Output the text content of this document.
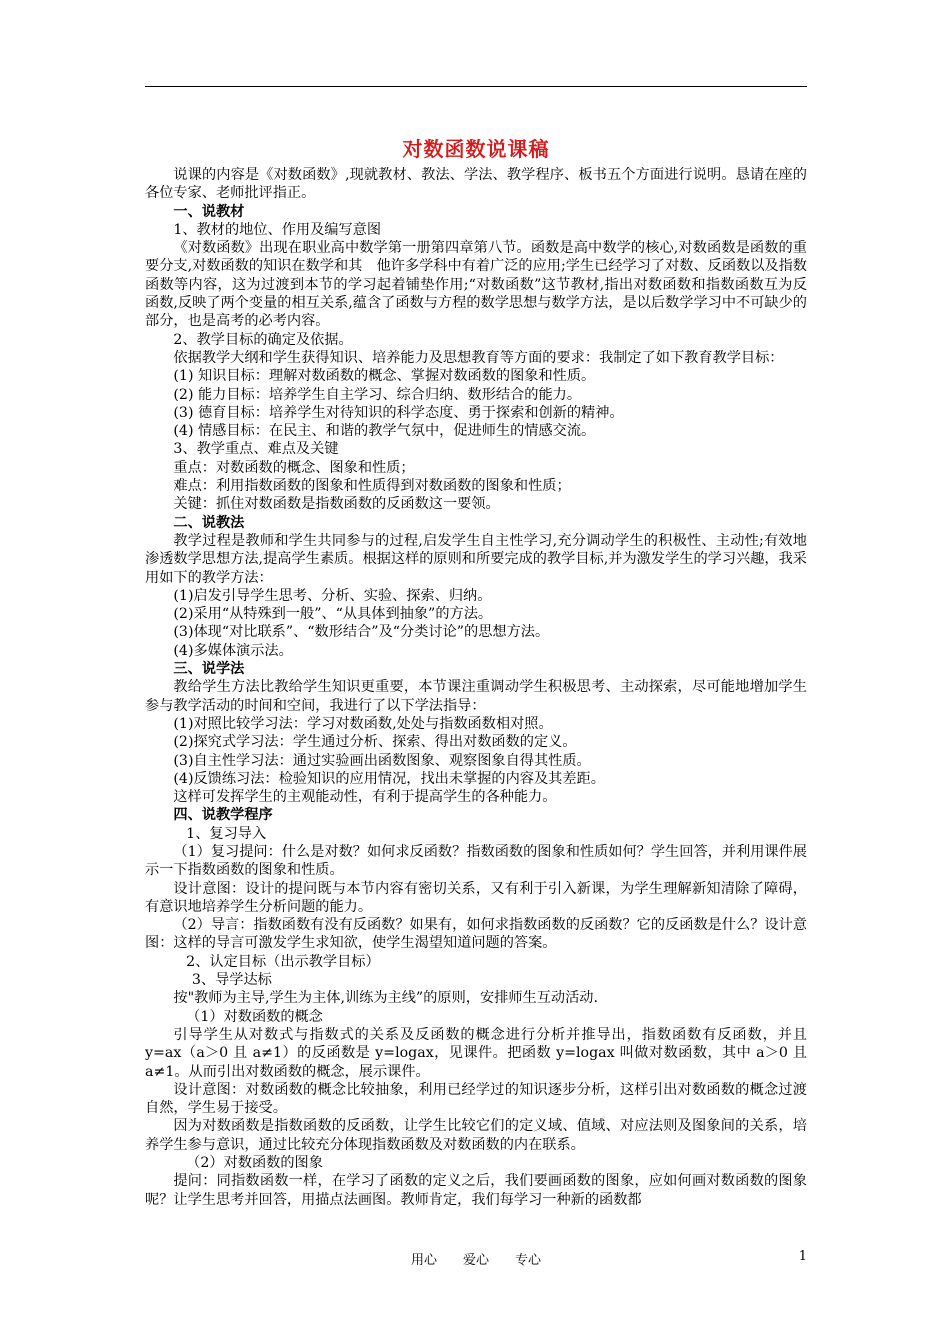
对数函数说课稿

说课的内容是《对数函数》,现就教材、教法、学法、教学程序、板书五个方面进行说明。恳请在座的各位专家、老师批评指正。

一、说教材

1、教材的地位、作用及编写意图

《对数函数》出现在职业高中数学第一册第四章第八节。函数是高中数学的核心,对数函数是函数的重要分支,对数函数的知识在数学和其　他许多学科中有着广泛的应用;学生已经学习了对数、反函数以及指数函数等内容，这为过渡到本节的学习起着铺垫作用;“对数函数”这节教材,指出对数函数和指数函数互为反函数,反映了两个变量的相互关系,蕴含了函数与方程的数学思想与数学方法，是以后数学学习中不可缺少的部分，也是高考的必考内容。

2、教学目标的确定及依据。

依据教学大纲和学生获得知识、培养能力及思想教育等方面的要求：我制定了如下教育教学目标：

(1) 知识目标：理解对数函数的概念、掌握对数函数的图象和性质。

(2) 能力目标：培养学生自主学习、综合归纳、数形结合的能力。

(3) 德育目标：培养学生对待知识的科学态度、勇于探索和创新的精神。

(4) 情感目标：在民主、和谐的教学气氛中，促进师生的情感交流。

3、教学重点、难点及关键

重点：对数函数的概念、图象和性质；

难点：利用指数函数的图象和性质得到对数函数的图象和性质；

关键：抓住对数函数是指数函数的反函数这一要领。

二、说教法

教学过程是教师和学生共同参与的过程,启发学生自主性学习,充分调动学生的积极性、主动性;有效地渗透数学思想方法,提高学生素质。根据这样的原则和所要完成的教学目标,并为激发学生的学习兴趣，我采用如下的教学方法：

(1)启发引导学生思考、分析、实验、探索、归纳。

(2)采用“从特殊到一般”、“从具体到抽象”的方法。

(3)体现“对比联系”、“数形结合”及“分类讨论”的思想方法。

(4)多媒体演示法。

三、说学法

教给学生方法比教给学生知识更重要，本节课注重调动学生积极思考、主动探索，尽可能地增加学生参与教学活动的时间和空间，我进行了以下学法指导：

(1)对照比较学习法：学习对数函数,处处与指数函数相对照。

(2)探究式学习法：学生通过分析、探索、得出对数函数的定义。

(3)自主性学习法：通过实验画出函数图象、观察图象自得其性质。

(4)反馈练习法：检验知识的应用情况，找出未掌握的内容及其差距。

这样可发挥学生的主观能动性，有利于提高学生的各种能力。

四、说教学程序

1、复习导入

（1）复习提问：什么是对数？如何求反函数？指数函数的图象和性质如何？学生回答，并利用课件展示一下指数函数的图象和性质。

设计意图：设计的提问既与本节内容有密切关系，又有利于引入新课，为学生理解新知清除了障碍，有意识地培养学生分析问题的能力。

（2）导言：指数函数有没有反函数？如果有，如何求指数函数的反函数？它的反函数是什么？设计意图：这样的导言可激发学生求知欲，使学生渴望知道问题的答案。

2、认定目标（出示教学目标）

3、导学达标

按"教师为主导,学生为主体,训练为主线”的原则，安排师生互动活动.

（1）对数函数的概念

引导学生从对数式与指数式的关系及反函数的概念进行分析并推导出，指数函数有反函数，并且 y=ax（a＞0 且 a≠1）的反函数是 y=logax，见课件。把函数 y=logax 叫做对数函数，其中 a＞0 且 a≠1。从而引出对数函数的概念，展示课件。

设计意图：对数函数的概念比较抽象，利用已经学过的知识逐步分析，这样引出对数函数的概念过渡自然，学生易于接受。

因为对数函数是指数函数的反函数，让学生比较它们的定义域、值域、对应法则及图象间的关系，培养学生参与意识，通过比较充分体现指数函数及对数函数的内在联系。

（2）对数函数的图象

提问：同指数函数一样，在学习了函数的定义之后，我们要画函数的图象，应如何画对数函数的图象呢？让学生思考并回答，用描点法画图。教师肯定，我们每学习一种新的函数都

用心　　爱心　　专心	1
